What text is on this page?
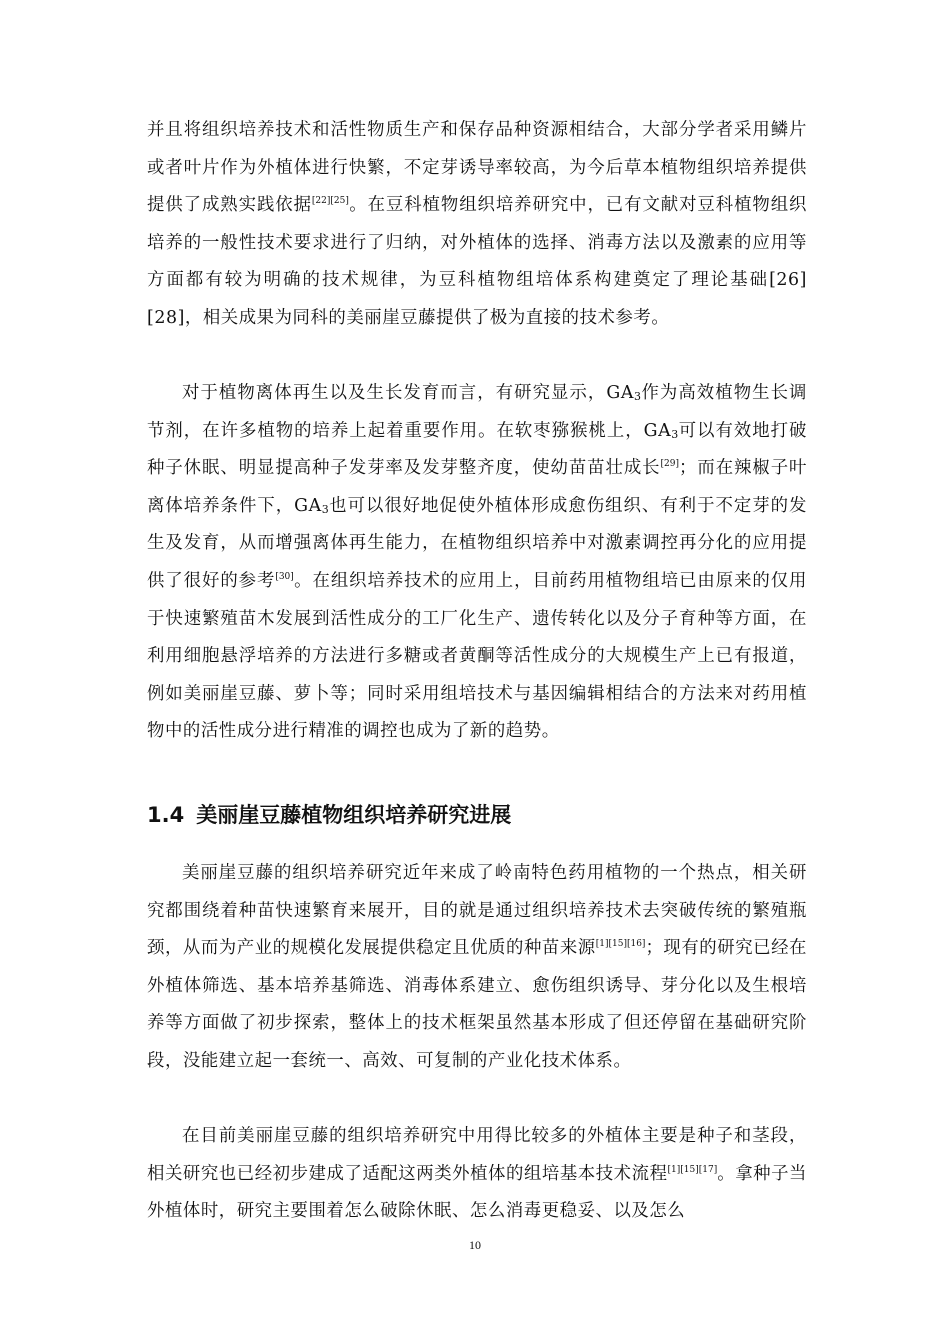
并且将组织培养技术和活性物质生产和保存品种资源相结合，大部分学者采用鳞片或者叶片作为外植体进行快繁，不定芽诱导率较高，为今后草本植物组织培养提供提供了成熟实践依据[22][25]。在豆科植物组织培养研究中，已有文献对豆科植物组织培养的一般性技术要求进行了归纳，对外植体的选择、消毒方法以及激素的应用等方面都有较为明确的技术规律，为豆科植物组培体系构建奠定了理论基础[26][28]，相关成果为同科的美丽崖豆藤提供了极为直接的技术参考。

对于植物离体再生以及生长发育而言，有研究显示，$GA_3$作为高效植物生长调节剂，在许多植物的培养上起着重要作用。在软枣猕猴桃上，$GA_3$可以有效地打破种子休眠、明显提高种子发芽率及发芽整齐度，使幼苗苗壮成长[29]；而在辣椒子叶离体培养条件下，$GA_3$也可以很好地促使外植体形成愈伤组织、有利于不定芽的发生及发育，从而增强离体再生能力，在植物组织培养中对激素调控再分化的应用提供了很好的参考[30]。在组织培养技术的应用上，目前药用植物组培已由原来的仅用于快速繁殖苗木发展到活性成分的工厂化生产、遗传转化以及分子育种等方面，在利用细胞悬浮培养的方法进行多糖或者黄酮等活性成分的大规模生产上已有报道，例如美丽崖豆藤、萝卜等；同时采用组培技术与基因编辑相结合的方法来对药用植物中的活性成分进行精准的调控也成为了新的趋势。

1.4 美丽崖豆藤植物组织培养研究进展

美丽崖豆藤的组织培养研究近年来成了岭南特色药用植物的一个热点，相关研究都围绕着种苗快速繁育来展开，目的就是通过组织培养技术去突破传统的繁殖瓶颈，从而为产业的规模化发展提供稳定且优质的种苗来源[1][15][16]；现有的研究已经在外植体筛选、基本培养基筛选、消毒体系建立、愈伤组织诱导、芽分化以及生根培养等方面做了初步探索，整体上的技术框架虽然基本形成了但还停留在基础研究阶段，没能建立起一套统一、高效、可复制的产业化技术体系。

在目前美丽崖豆藤的组织培养研究中用得比较多的外植体主要是种子和茎段，相关研究也已经初步建成了适配这两类外植体的组培基本技术流程[1][15][17]。拿种子当外植体时，研究主要围着怎么破除休眠、怎么消毒更稳妥、以及怎么

10
